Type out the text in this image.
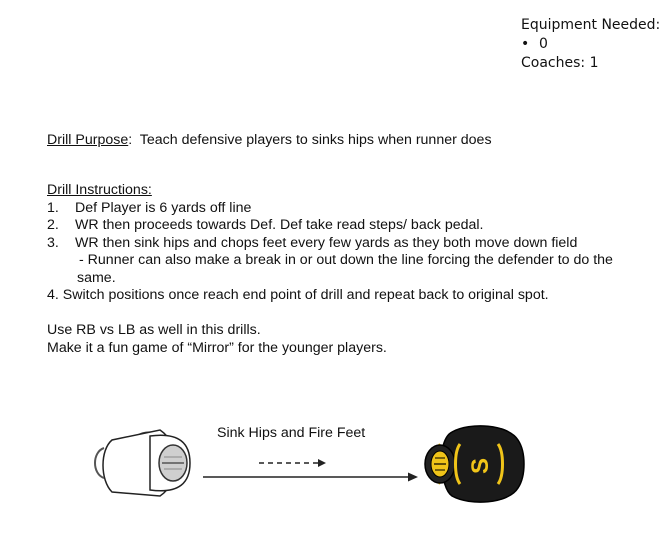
Equipment Needed:
• 0
Coaches: 1
Drill Purpose:  Teach defensive players to sinks hips when runner does
Drill Instructions:
1. Def Player is 6 yards off line
2. WR then proceeds towards Def. Def take read steps/ back pedal.
3. WR then sink hips and chops feet every few yards as they both move down field
- Runner can also make a break in or out down the line forcing the defender to do the
same.
4. Switch positions once reach end point of drill and repeat back to original spot.
Use RB vs LB as well in this drills.
Make it a fun game of “Mirror” for the younger players.
Sink Hips and Fire Feet
S
